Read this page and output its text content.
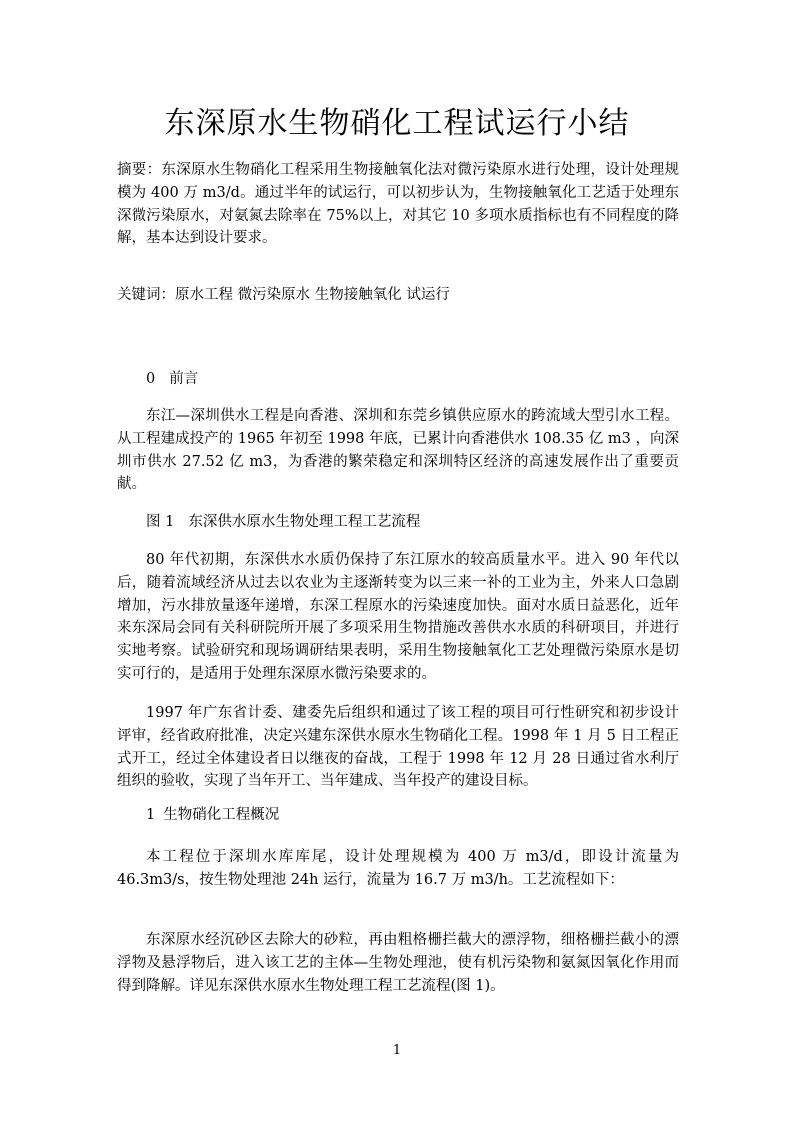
东深原水生物硝化工程试运行小结
摘要：东深原水生物硝化工程采用生物接触氧化法对微污染原水进行处理，设计处理规模为 400 万 m3/d。通过半年的试运行，可以初步认为，生物接触氧化工艺适于处理东深微污染原水，对氨氮去除率在 75%以上，对其它 10 多项水质指标也有不同程度的降解，基本达到设计要求。
关键词：原水工程 微污染原水 生物接触氧化 试运行
0 前言
东江—深圳供水工程是向香港、深圳和东莞乡镇供应原水的跨流域大型引水工程。从工程建成投产的 1965 年初至 1998 年底，已累计向香港供水 108.35 亿 m3 ，向深圳市供水 27.52 亿 m3，为香港的繁荣稳定和深圳特区经济的高速发展作出了重要贡献。
图 1 东深供水原水生物处理工程工艺流程
80 年代初期，东深供水水质仍保持了东江原水的较高质量水平。进入 90 年代以后，随着流域经济从过去以农业为主逐渐转变为以三来一补的工业为主，外来人口急剧增加，污水排放量逐年递增，东深工程原水的污染速度加快。面对水质日益恶化，近年来东深局会同有关科研院所开展了多项采用生物措施改善供水水质的科研项目，并进行实地考察。试验研究和现场调研结果表明，采用生物接触氧化工艺处理微污染原水是切实可行的，是适用于处理东深原水微污染要求的。
1997 年广东省计委、建委先后组织和通过了该工程的项目可行性研究和初步设计评审，经省政府批准，决定兴建东深供水原水生物硝化工程。1998 年 1 月 5 日工程正式开工，经过全体建设者日以继夜的奋战，工程于 1998 年 12 月 28 日通过省水利厅组织的验收，实现了当年开工、当年建成、当年投产的建设目标。
1 生物硝化工程概况
本工程位于深圳水库库尾，设计处理规模为 400 万 m3/d，即设计流量为 46.3m3/s，按生物处理池 24h 运行，流量为 16.7 万 m3/h。工艺流程如下：
东深原水经沉砂区去除大的砂粒，再由粗格栅拦截大的漂浮物，细格栅拦截小的漂浮物及悬浮物后，进入该工艺的主体—生物处理池，使有机污染物和氨氮因氧化作用而得到降解。详见东深供水原水生物处理工程工艺流程(图 1)。
1
